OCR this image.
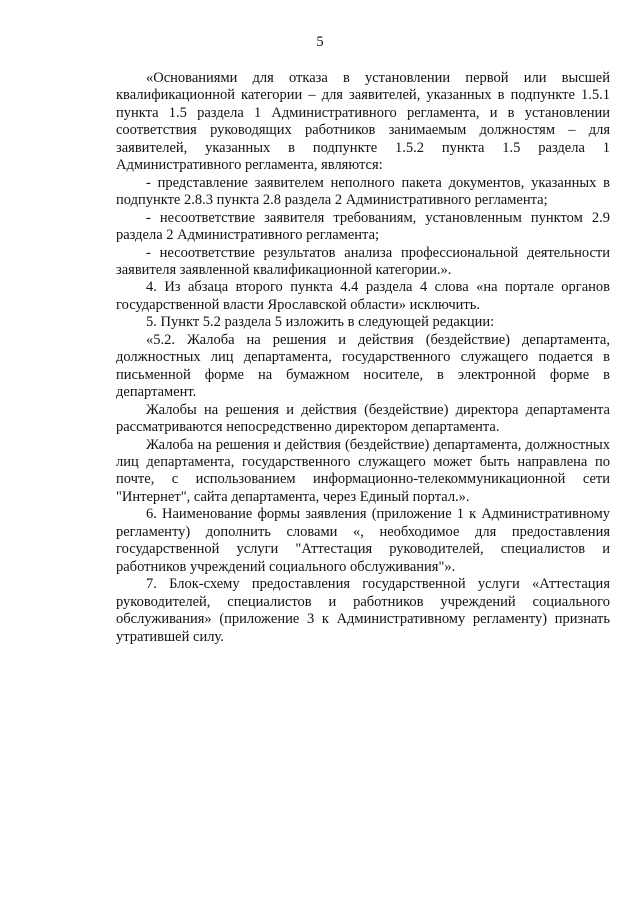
5

«Основаниями для отказа в установлении первой или высшей квалификационной категории – для заявителей, указанных в подпункте 1.5.1 пункта 1.5 раздела 1 Административного регламента, и в установлении соответствия руководящих работников занимаемым должностям – для заявителей, указанных в подпункте 1.5.2 пункта 1.5 раздела 1 Административного регламента, являются:

- представление заявителем неполного пакета документов, указанных в подпункте 2.8.3 пункта 2.8 раздела 2 Административного регламента;

- несоответствие заявителя требованиям, установленным пунктом 2.9 раздела 2 Административного регламента;

- несоответствие результатов анализа профессиональной деятельности заявителя заявленной квалификационной категории.».

4. Из абзаца второго пункта 4.4 раздела 4 слова «на портале органов государственной власти Ярославской области» исключить.

5. Пункт 5.2 раздела 5 изложить в следующей редакции:

«5.2. Жалоба на решения и действия (бездействие) департамента, должностных лиц департамента, государственного служащего подается в письменной форме на бумажном носителе, в электронной форме в департамент.

Жалобы на решения и действия (бездействие) директора департамента рассматриваются непосредственно директором департамента.

Жалоба на решения и действия (бездействие) департамента, должностных лиц департамента, государственного служащего может быть направлена по почте, с использованием информационно-телекоммуникационной сети "Интернет", сайта департамента, через Единый портал.».

6. Наименование формы заявления (приложение 1 к Административному регламенту) дополнить словами «, необходимое для предоставления государственной услуги "Аттестация руководителей, специалистов и работников учреждений социального обслуживания"».

7. Блок-схему предоставления государственной услуги «Аттестация руководителей, специалистов и работников учреждений социального обслуживания» (приложение 3 к Административному регламенту) признать утратившей силу.
